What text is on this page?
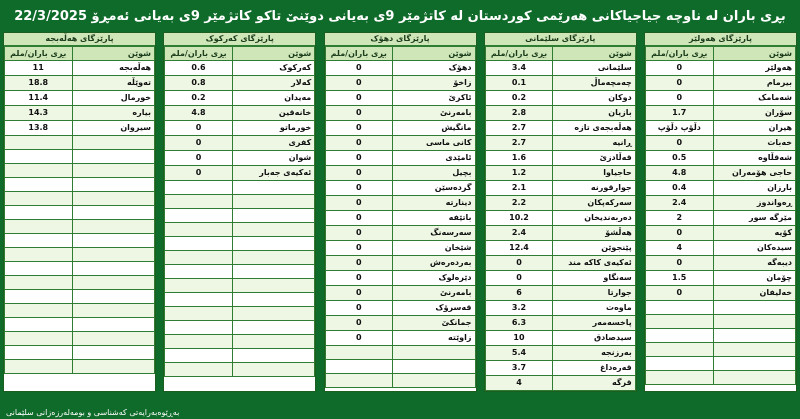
بڕی باران لە ناوچە جیاجیاکانی هەرێمی کوردستان لە کاتژمێر 9ی بەیانی دوێنێ تاکو کاتژمێر 9ی بەیانی ئەمڕۆ 22/3/2025
پارێزگای هەولێر
بڕی باران/ملم	شوێن
0	هەولێر
0	بیرمام
0	شەمامک
1.7	سۆران
دڵۆپ دڵۆپ	هیران
0	خەبات
0.5	شەقڵاوە
4.8	حاجی هۆمەران
0.4	بارزان
2.4	ڕەواندوز
2	مێرگە سور
0	کۆیە
4	سیدەکان
0	دیبەگە
1.5	چۆمان
0	خەلیفان

پارێزگای سلێمانی
بڕی باران/ملم	شوێن
3.4	سلێمانی
0.1	چەمچەماڵ
0.2	دوکان
2.8	بازیان
2.7	هەڵەبجەی تازە
2.7	ڕانیە
1.6	قەڵادزێ
1.2	حاجیاوا
2.1	جوارقورنە
2.2	سەرکەپکان
10.2	دەربەندیخان
2.4	هەڵشۆ
12.4	پێنجوێن
0	ئەکیەی کاکە مند
0	سەنگاو
6	جوارتا
3.2	ماوەت
6.3	پاخسەمەر
10	سیدصادق
5.4	بەرزنجە
3.7	قەرەداغ
4	قرگە
پارێزگای دهۆک
بڕی باران/ملم	شوێن
0	دهۆک
0	زاخۆ
0	ئاکرێ
0	بامەرنێ
0	مانگیش
0	کانی ماسی
0	ئامێدی
0	بچیل
0	گردەسێن
0	دینارتە
0	باتێفە
0	سەرسەنگ
0	شێخان
0	بەردەرەش
0	دێرەلوک
0	بامەرنێ
0	قەسرۆک
0	جمانکێ
0	زاوێتە

پارێزگای کەرکوک
بڕی باران/ملم	شوێن
0.6	کەرکوک
0.8	کەلار
0.2	مەیدان
4.8	خانەقین
0	خورماتو
0	کفری
0	شوان
0	ئەکیەی جەبار

پارێزگای هەڵەبجە
بڕی باران/ملم	شوێن
11	هەڵەبجە
18.8	تەوێڵە
11.4	خورمال
14.3	بیارە
13.8	سیروان

بەڕێوەبەرایەتی کەشناسی و بومەلەرزەزانی سلێمانی
